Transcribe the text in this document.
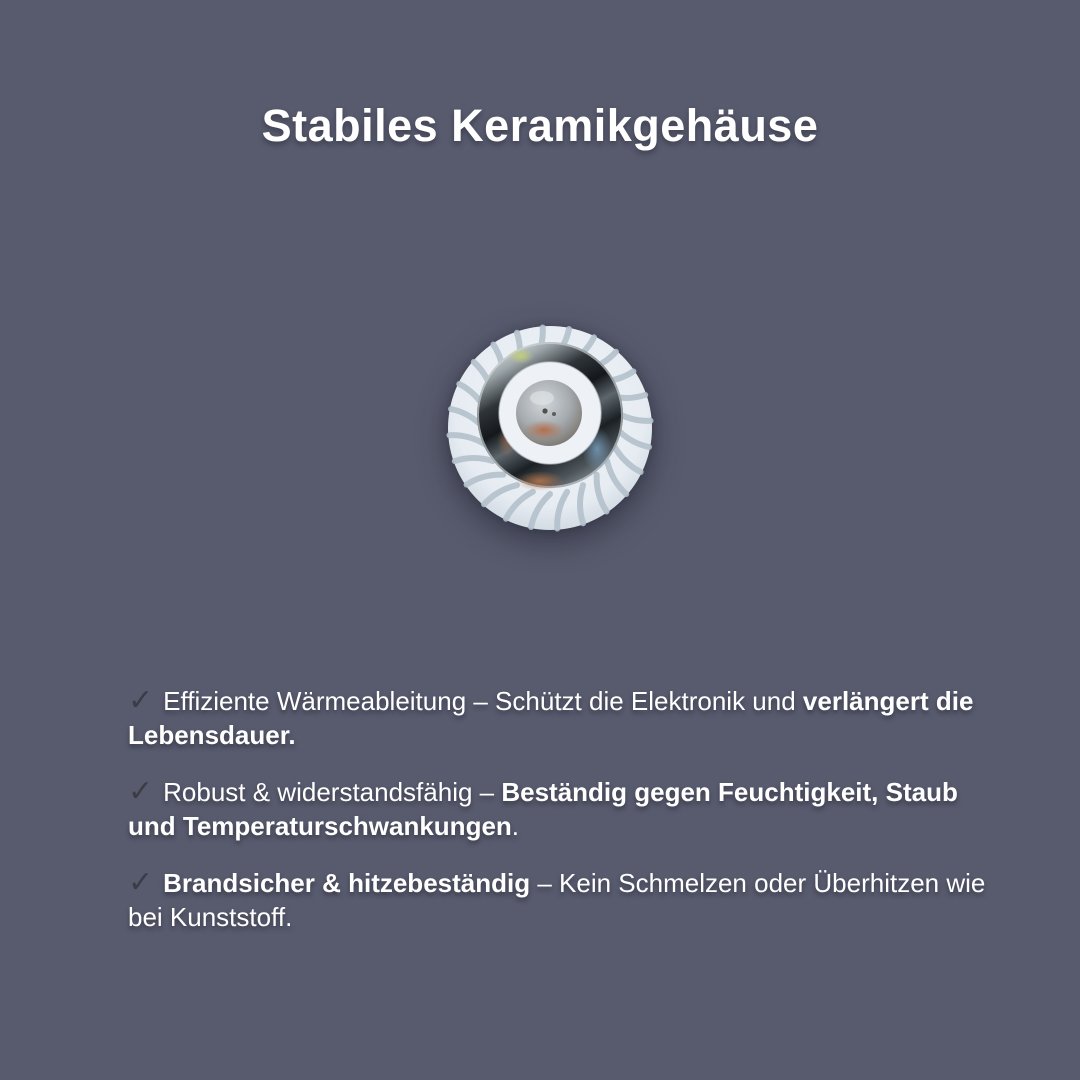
Stabiles Keramikgehäuse
✓ Effiziente Wärmeableitung – Schützt die Elektronik und verlängert die Lebensdauer.
✓ Robust & widerstandsfähig – Beständig gegen Feuchtigkeit, Staub und Temperaturschwankungen.
✓ Brandsicher & hitzebeständig – Kein Schmelzen oder Überhitzen wie bei Kunststoff.
